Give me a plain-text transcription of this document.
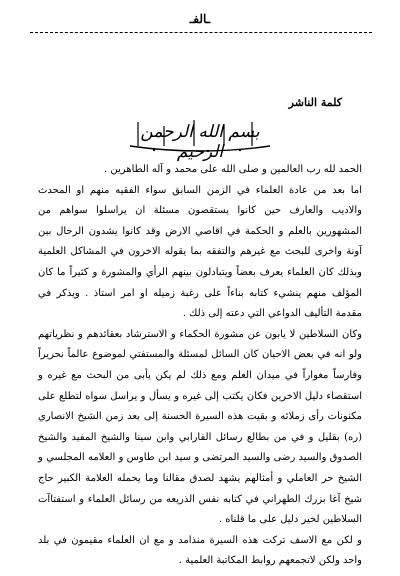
ـالفـ
كلمة الناشر
بسم الله الرحمن الرحيم

الحمد لله رب العالمين و صلى الله على محمد و آله الطاهرين .

اما بعد من عادة العلماء في الزمن السابق سواء الفقيه منهم او المحدث والاديب والعارف حين كانوا يستقصون مسئلة ان يراسلوا سواهم من المشهورين بالعلم و الحكمة في اقاصي الارض وقد كانوا يشدون الرحال بين آونة واخرى للبحث مع غيرهم والتفقه بما يقوله الاخرون في المشاكل العلمية وبذلك كان العلماء يعرف بعضاً ويتبادلون بينهم الرأي والمشورة و كثيراً ما كان المؤلف منهم ينشيء كتابه بناءاً على رغبة زميله او امر استاذ . ويذكر في مقدمة التأليف الدواعي التي دعته إلى ذلك .

وكان السلاطين لا يابون عن مشورة الحكماء و الاسترشاد بعقائدهم و نظرياتهم ولو انه في بعض الاحيان كان السائل لمسئلة والمستفتي لموضوع عالماً نحريراً وفارساً مغواراً في ميدان العلم ومع ذلك لم يكن يأبى من البحث مع غيره و استقصاء دليل الاخرين فكان يكتب إلى غيره و يسأل و يراسل سواه لتطلع على مكنونات رأى زملائه و بقيت هذه السيرة الحسنة إلى بعد زمن الشيخ الانصاري (ره) بقليل و في من بطالع رسائل الفارابي وابن سينا والشيخ المفيد والشيخ الصدوق والسيد رضى والسيد المرتضى و سيد ابن طاوس و العلامه المجلسي و الشيخ حر العاملي و أمثالهم يشهد لصدق مقالنا وما يحمله العلامة الكبير حاج شيخ آغا بزرك الطهراني في كتابه نفس الذريعه من رسائل العلماء و استفتاآت السلاطين لخير دليل على ما قلناه .

و لكن مع الاسف تركت هذه السيرة منذامد و مع ان العلماء مقيمون في بلد واحد ولكن لاتجمعهم روابط المكاتبة العلمية .
